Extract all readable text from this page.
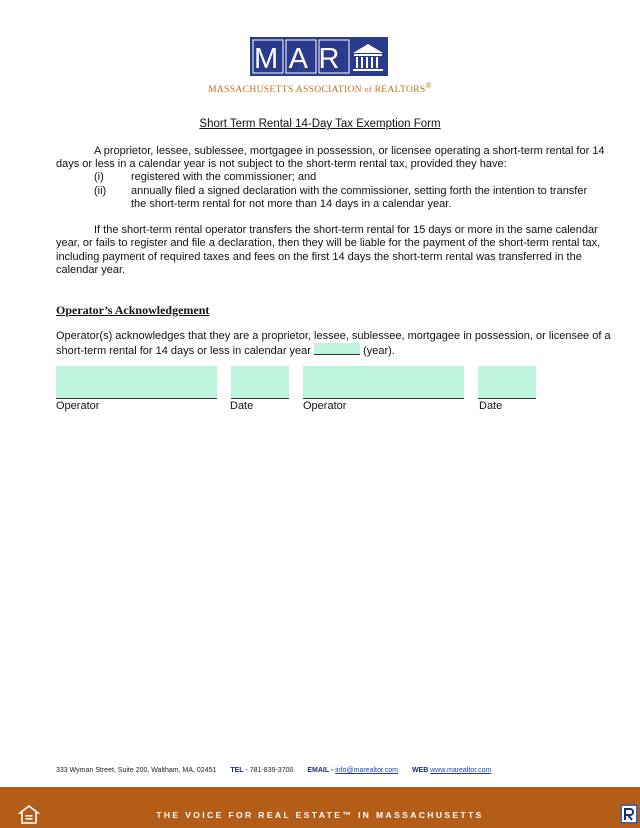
MAR
MASSACHUSETTS ASSOCIATION of REALTORS®
Short Term Rental 14-Day Tax Exemption Form
A proprietor, lessee, sublessee, mortgagee in possession, or licensee operating a short-term rental for 14
days or less in a calendar year is not subject to the short-term rental tax, provided they have:
(i) registered with the commissioner; and
(ii) annually filed a signed declaration with the commissioner, setting forth the intention to transfer
the short-term rental for not more than 14 days in a calendar year.
If the short-term rental operator transfers the short-term rental for 15 days or more in the same calendar
year, or fails to register and file a declaration, then they will be liable for the payment of the short-term rental tax,
including payment of required taxes and fees on the first 14 days the short-term rental was transferred in the
calendar year.
Operator’s Acknowledgement
Operator(s) acknowledges that they are a proprietor, lessee, sublessee, mortgagee in possession, or licensee of a
short-term rental for 14 days or less in calendar year	(year).
Operator	Date	Operator	Date
333 Wyman Street, Suite 200, Waltham, MA, 02451 TEL - 781-839-3700 EMAIL - info@marealtor.com WEB www.marealtor.com
THE VOICE FOR REAL ESTATE™ IN MASSACHUSETTS
